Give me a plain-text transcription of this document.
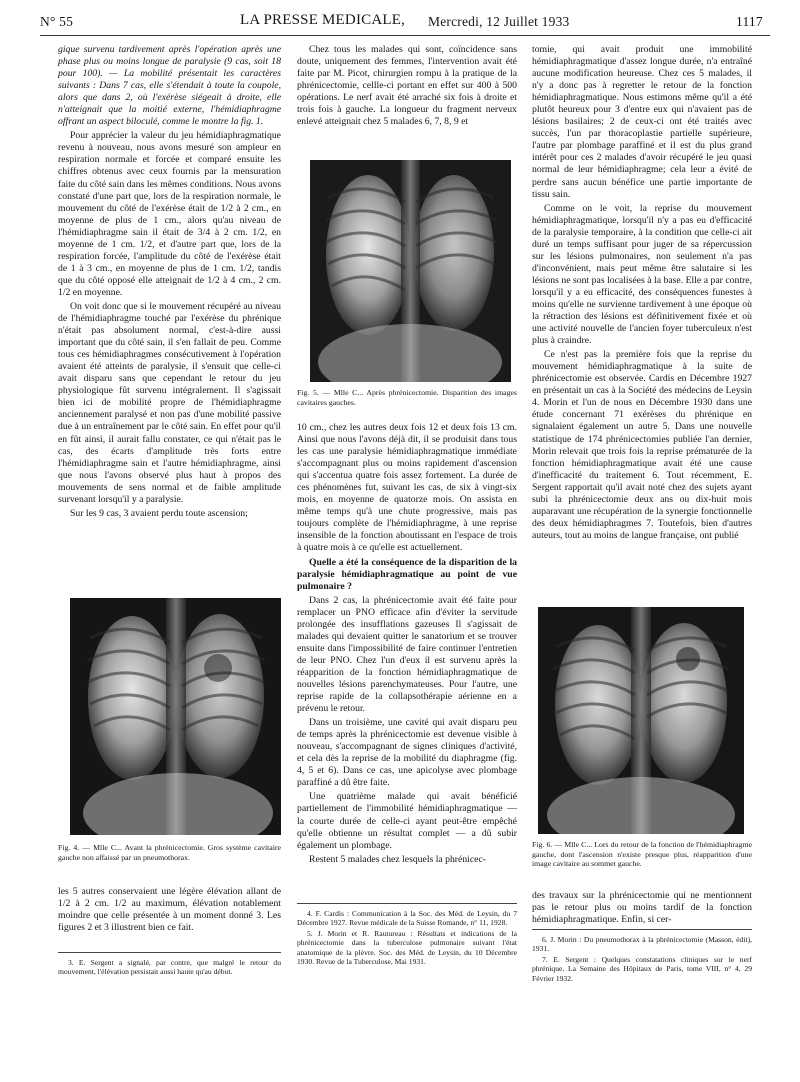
N° 55	LA PRESSE MEDICALE, Mercredi, 12 Juillet 1933	1117

gique survenu tardivement après l'opération après une phase plus ou moins longue de paralysie (9 cas, soit 18 pour 100). — La mobilité présentait les caractères suivants : Dans 7 cas, elle s'étendait à toute la coupole, alors que dans 2, où l'exérèse siégeait à droite, elle n'atteignait que la moitié externe, l'hémidiaphragme offrant un aspect biloculé, comme le montre la fig. 1.

Pour apprécier la valeur du jeu hémidiaphragmatique revenu à nouveau, nous avons mesuré son ampleur en respiration normale et forcée et comparé ensuite les chiffres obtenus avec ceux fournis par la mensuration faite du côté sain dans les mêmes conditions. Nous avons constaté d'une part que, lors de la respiration normale, le mouvement du côté de l'exérèse était de 1/2 à 2 cm., en moyenne de plus de 1 cm., alors qu'au niveau de l'hémidiaphragme sain il était de 3/4 à 2 cm. 1/2, en moyenne de 1 cm. 1/2, et d'autre part que, lors de la respiration forcée, l'amplitude du côté de l'exérèse était de 1 à 3 cm., en moyenne de plus de 1 cm. 1/2, tandis que du côté opposé elle atteignait de 1/2 à 4 cm., 2 cm. 1/2 en moyenne.

On voit donc que si le mouvement récupéré au niveau de l'hémidiaphragme touché par l'exérèse du phrénique n'était pas absolument normal, c'est-à-dire aussi important que du côté sain, il s'en fallait de peu. Comme tous ces hémidiaphragmes consécutivement à l'opération avaient été atteints de paralysie, il s'ensuit que celle-ci avait disparu sans que cependant le retour du jeu physiologique fût survenu intégralement. Il s'agissait bien ici de mobilité propre de l'hémidiaphragme anciennement paralysé et non pas d'une mobilité passive due à un entraînement par le côté sain. En effet pour qu'il en fût ainsi, il aurait fallu constater, ce qui n'était pas le cas, des écarts d'amplitude très forts entre l'hémidiaphragme sain et l'autre hémidiaphragme, ainsi que nous l'avons observé plus haut à propos des mouvements de sens normal et de faible amplitude survenant lorsqu'il y a paralysie.

Sur les 9 cas, 3 avaient perdu toute ascension;

Fig. 4. — Mlle C... Avant la phrénicectomie. Gros système cavitaire gauche non affaissé par un pneumothorax.

les 5 autres conservaient une légère élévation allant de 1/2 à 2 cm. 1/2 au maximum, élévation notablement moindre que celle présentée à un moment donné 3. Les figures 2 et 3 illustrent bien ce fait.

3. E. Sergent a signalé, par contre, que malgré le retour du mouvement, l'élévation persistait aussi haute qu'au début.

Chez tous les malades qui sont, coïncidence sans doute, uniquement des femmes, l'intervention avait été faite par M. Picot, chirurgien rompu à la pratique de la phrénicectomie, cellle-ci portant en effet sur 400 à 500 opérations. Le nerf avait été arraché six fois à droite et trois fois à gauche. La longueur du fragment nerveux enlevé atteignait chez 5 malades 6, 7, 8, 9 et

Fig. 5. — Mlle C... Après phrénicectomie. Disparition des images cavitaires gauches.

10 cm., chez les autres deux fois 12 et deux fois 13 cm. Ainsi que nous l'avons déjà dit, il se produisit dans tous les cas une paralysie hémidiaphragmatique immédiate s'accompagnant plus ou moins rapidement d'ascension qui s'accentua quatre fois assez fortement. La durée de ces phénomènes fut, suivant les cas, de six à vingt-six mois, en moyenne de quatorze mois. On assista en même temps qu'à une chute progressive, mais pas toujours complète de l'hémidiaphragme, à une reprise insensible de la fonction aboutissant en l'espace de trois à quatre mois à ce qu'elle est actuellement.

Quelle a été la conséquence de la disparition de la paralysie hémidiaphragmatique au point de vue pulmonaire ?

Dans 2 cas, la phrénicectomie avait été faite pour remplacer un PNO efficace afin d'éviter la servitude prolongée des insufflations gazeuses Il s'agissait de malades qui devaient quitter le sanatorium et se trouver ensuite dans l'impossibilité de faire continuer l'entretien de leur PNO. Chez l'un d'eux il est survenu après la réapparition de la fonction hémidiaphragmatique de nouvelles lésions parenchymateuses. Pour l'autre, une reprise rapide de la collapsothérapie aérienne en a prévenu le retour.

Dans un troisième, une cavité qui avait disparu peu de temps après la phrénicectomie est devenue visible à nouveau, s'accompagnant de signes cliniques d'activité, et cela dès la reprise de la mobilité du diaphragme (fig. 4, 5 et 6). Dans ce cas, une apicolyse avec plombage paraffiné a dû être faite.

Une quatrième malade qui avait bénéficié partiellement de l'immobilité hémidiaphragmatique — la courte durée de celle-ci ayant peut-être empêché qu'elle obtienne un résultat complet — a dû subir également un plombage.

Restent 5 malades chez lesquels la phrénicec-

4. F. Cardis : Communication à la Soc. des Méd. de Leysin, du 7 Décembre 1927. Revue médicale de la Suisse Romande, n° 11, 1928.

5. J. Morin et R. Rautureau : Résultats et indications de la phrénicectomie dans la tuberculose pulmonaire suivant l'état anatomique de la plèvre. Soc. des Méd. de Leysin, du 10 Décembre 1930. Revue de la Tuberculose, Mai 1931.

tomie, qui avait produit une immobilité hémidiaphragmatique d'assez longue durée, n'a entraîné aucune modification heureuse. Chez ces 5 malades, il n'y a donc pas à regretter le retour de la fonction hémidiaphragmatique. Nous estimons même qu'il a été plutôt heureux pour 3 d'entre eux qui n'avaient pas de lésions basilaires; 2 de ceux-ci ont été traités avec succès, l'un par thoracoplastie partielle supérieure, l'autre par plombage paraffiné et il est du plus grand intérêt pour ces 2 malades d'avoir récupéré le jeu quasi normal de leur hémidiaphragme; cela leur a évité de perdre sans aucun bénéfice une partie importante de tissu sain.

Comme on le voit, la reprise du mouvement hémidiaphragmatique, lorsqu'il n'y a pas eu d'efficacité de la paralysie temporaire, à la condition que celle-ci ait duré un temps suffisant pour juger de sa répercussion sur les lésions pulmonaires, non seulement n'a pas d'inconvénient, mais peut même être salutaire si les lésions ne sont pas localisées à la base. Elle a par contre, lorsqu'il y a eu efficacité, des conséquences funestes à moins qu'elle ne survienne tardivement à une époque où la rétraction des lésions est définitivement fixée et où une activité nouvelle de l'ancien foyer tuberculeux n'est plus à craindre.

Ce n'est pas la première fois que la reprise du mouvement hémidiaphragmatique à la suite de phrénicectomie est observée. Cardis en Décembre 1927 en présentait un cas à la Société des médecins de Leysin 4. Morin et l'un de nous en Décembre 1930 dans une étude concernant 71 exérèses du phrénique en signalaient également un autre 5. Dans une nouvelle statistique de 174 phrénicectomies publiée l'an dernier, Morin relevait que trois fois la reprise prématurée de la fonction hémidiaphragmatique avait été une cause d'inefficacité du traitement 6. Tout récemment, E. Sergent rapportait qu'il avait noté chez des sujets ayant subi la phrénicectomie deux ans ou dix-huit mois auparavant une récupération de la synergie fonctionnelle des deux hémidiaphragmes 7. Toutefois, bien d'autres auteurs, tout au moins de langue française, ont publié

Fig. 6. — Mlle C... Lors du retour de la fonction de l'hémidiaphragme gauche, dont l'ascension n'existe presque plus, réapparition d'une image cavitaire au sommet gauche.

des travaux sur la phrénicectomie qui ne mentionnent pas le retour plus ou moins tardif de la fonction hémidiaphragmatique. Enfin, si cer-

6. J. Morin : Du pneumothorax à la phrénicectomie (Masson, édit), 1931.

7. E. Sergent : Quelques constatations cliniques sur le nerf phrénique. La Semaine des Hôpitaux de Paris, tome VIII, n° 4, 29 Février 1932.
